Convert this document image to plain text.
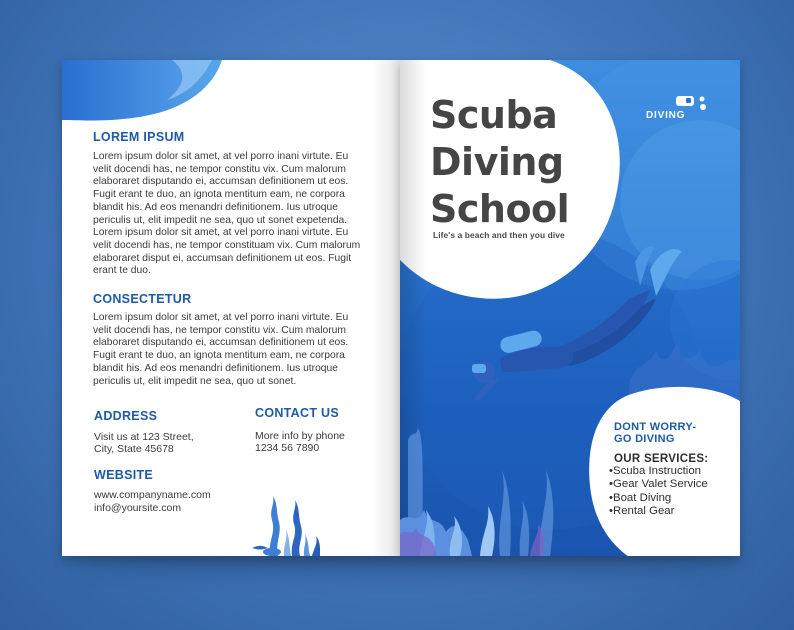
LOREM IPSUM

Lorem ipsum dolor sit amet, at vel porro inani virtute. Eu velit docendi has, ne tempor constitu vix. Cum malorum elaboraret disputando ei, accumsan definitionem ut eos. Fugit erant te duo, an ignota mentitum eam, ne corpora blandit his. Ad eos menandri definitionem. Ius utroque periculis ut, elit impedit ne sea, quo ut sonet expetenda. Lorem ipsum dolor sit amet, at vel porro inani virtute. Eu velit docendi has, ne tempor constituam vix. Cum malorum elaboraret disput ei, accumsan definitionem ut eos. Fugit erant te duo.

CONSECTETUR

Lorem ipsum dolor sit amet, at vel porro inani virtute. Eu velit docendi has, ne tempor constitu vix. Cum malorum elaboraret disputando ei, accumsan definitionem ut eos. Fugit erant te duo, an ignota mentitum eam, ne corpora blandit his. Ad eos menandri definitionem. Ius utroque periculis ut, elit impedit ne sea, quo ut sonet.

ADDRESS

Visit us at 123 Street,

City, State 45678

CONTACT US

More info by phone

1234 56 7890

WEBSITE

www.companyname.com

info@yoursite.com

Scuba
Diving
School
Life's a beach and then you dive
DIVING
DONT WORRY-
GO DIVING
OUR SERVICES:
• Scuba Instruction
• Gear Valet Service
• Boat Diving
• Rental Gear
